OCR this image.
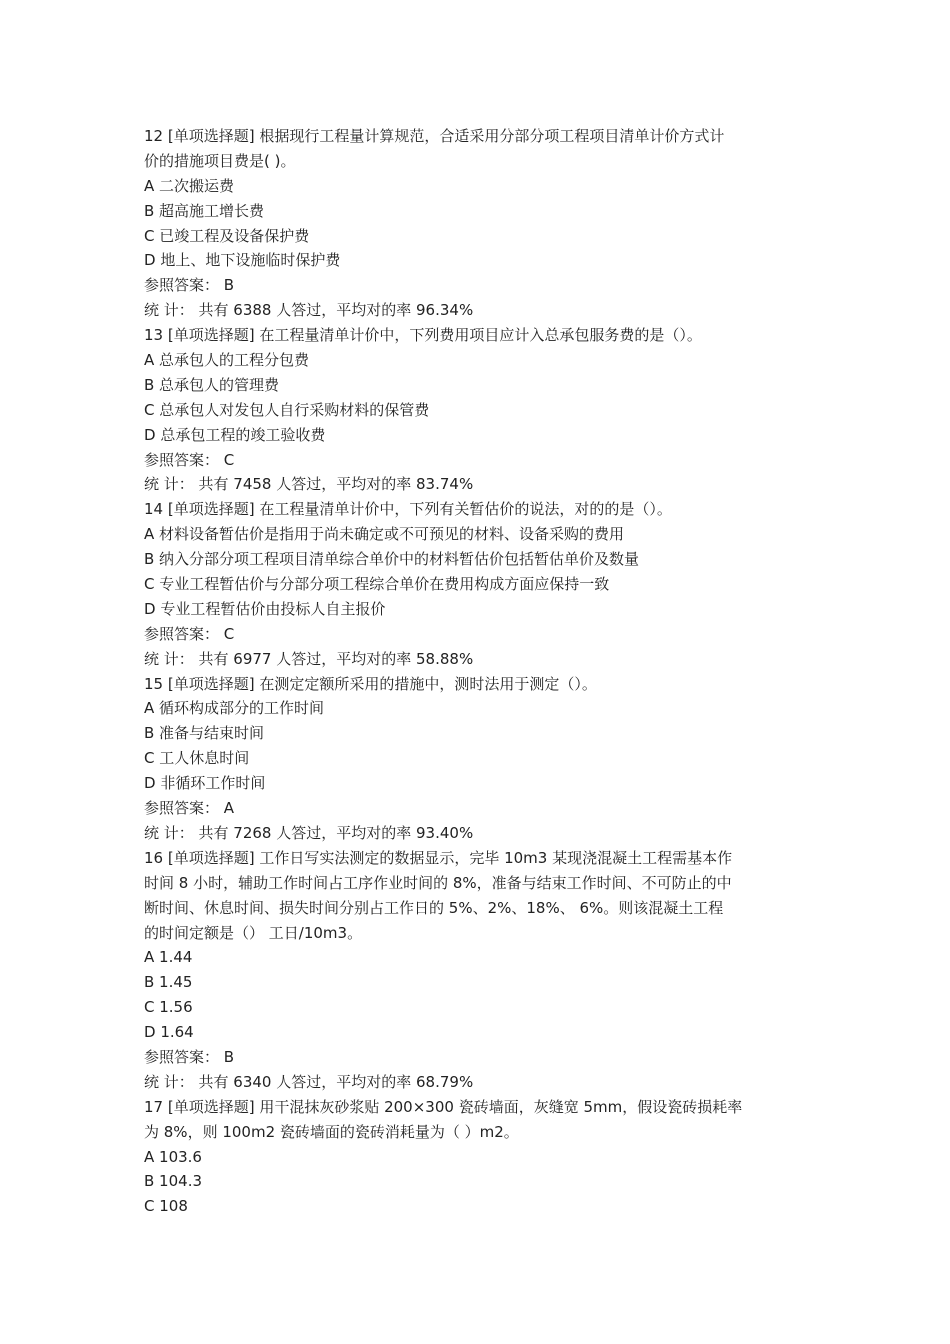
12 [单项选择题] 根据现行工程量计算规范，合适采用分部分项工程项目清单计价方式计
价的措施项目费是( )。
A 二次搬运费
B 超高施工增长费
C 已竣工程及设备保护费
D 地上、地下设施临时保护费
参照答案： B
统 计： 共有 6388 人答过，平均对的率 96.34%
13 [单项选择题] 在工程量清单计价中，下列费用项目应计入总承包服务费的是（）。
A 总承包人的工程分包费
B 总承包人的管理费
C 总承包人对发包人自行采购材料的保管费
D 总承包工程的竣工验收费
参照答案： C
统 计： 共有 7458 人答过，平均对的率 83.74%
14 [单项选择题] 在工程量清单计价中，下列有关暂估价的说法，对的的是（）。
A 材料设备暂估价是指用于尚未确定或不可预见的材料、设备采购的费用
B 纳入分部分项工程项目清单综合单价中的材料暂估价包括暂估单价及数量
C 专业工程暂估价与分部分项工程综合单价在费用构成方面应保持一致
D 专业工程暂估价由投标人自主报价
参照答案： C
统 计： 共有 6977 人答过，平均对的率 58.88%
15 [单项选择题] 在测定定额所采用的措施中，测时法用于测定（）。
A 循环构成部分的工作时间
B 准备与结束时间
C 工人休息时间
D 非循环工作时间
参照答案： A
统 计： 共有 7268 人答过，平均对的率 93.40%
16 [单项选择题] 工作日写实法测定的数据显示，完毕 10m3 某现浇混凝土工程需基本作
时间 8 小时，辅助工作时间占工序作业时间的 8%，准备与结束工作时间、不可防止的中
断时间、休息时间、损失时间分别占工作日的 5%、2%、18%、 6%。则该混凝土工程
的时间定额是（） 工日/10m3。
A 1.44
B 1.45
C 1.56
D 1.64
参照答案： B
统 计： 共有 6340 人答过，平均对的率 68.79%
17 [单项选择题] 用干混抹灰砂浆贴 200×300 瓷砖墙面，灰缝宽 5mm，假设瓷砖损耗率
为 8%，则 100m2 瓷砖墙面的瓷砖消耗量为（ ）m2。
A 103.6
B 104.3
C 108
